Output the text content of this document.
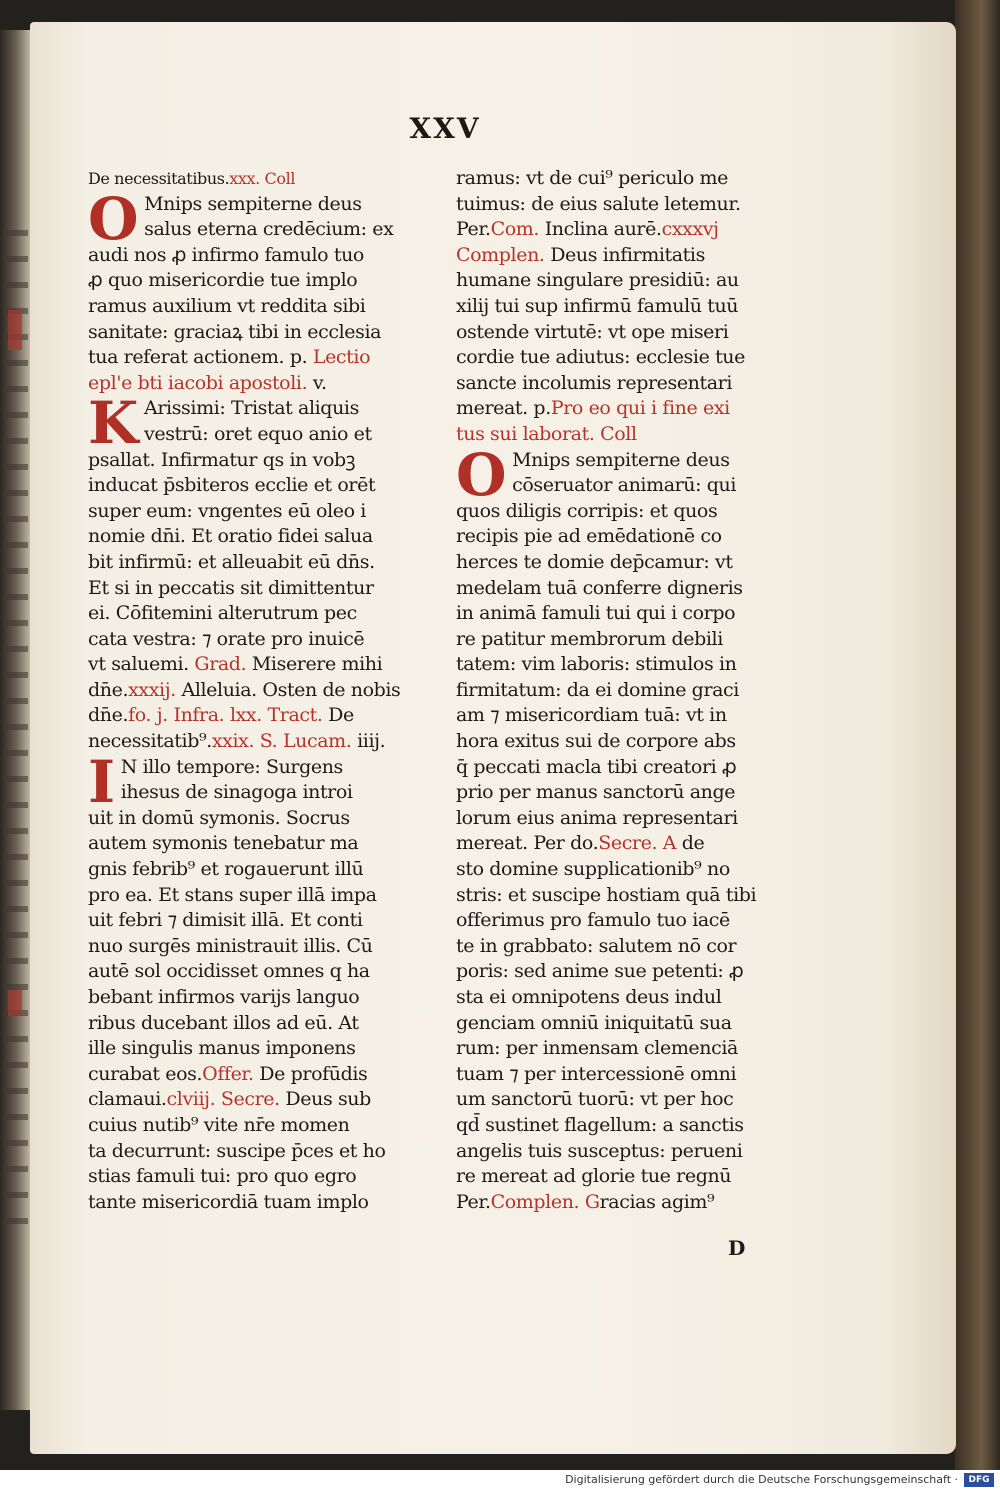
XXV
De necessitatibus.xxx. Coll
O Mnips sempiterne deus
salus eterna credēcium: ex
audi nos ꝓ infirmo famulo tuo
ꝓ quo misericordie tue implo
ramus auxilium vt reddita sibi
sanitate: graciaꝝ tibi in ecclesia
tua referat actionem. p. Lectio
epl'e bti iacobi apostoli. v.
K Arissimi: Tristat aliquis
vestrū: oret equo anio et
psallat. Infirmatur qs in vobꝫ
inducat p̄sbiteros ecclie et orēt
super eum: vngentes eū oleo i
nomie dn̄i. Et oratio fidei salua
bit infirmū: et alleuabit eū dn̄s.
Et si in peccatis sit dimittentur
ei. Cōfitemini alterutrum pec
cata vestra: ⁊ orate pro inuicē
vt saluemi. Grad. Miserere mihi
dn̄e.xxxij. Alleluia. Osten de nobis
dn̄e.fo. j. Infra. lxx. Tract. De
necessitatib⁹.xxix. S. Lucam. iiij.
I N illo tempore: Surgens
ihesus de sinagoga introi
uit in domū symonis. Socrus
autem symonis tenebatur ma
gnis febrib⁹ et rogauerunt illū
pro ea. Et stans super illā impa
uit febri ⁊ dimisit illā. Et conti
nuo surgēs ministrauit illis. Cū
autē sol occidisset omnes q ha
bebant infirmos varijs languo
ribus ducebant illos ad eū. At
ille singulis manus imponens
curabat eos.Offer. De profūdis
clamaui.clviij. Secre. Deus sub
cuius nutib⁹ vite nr̄e momen
ta decurrunt: suscipe p̄ces et ho
stias famuli tui: pro quo egro
tante misericordiā tuam implo
ramus: vt de cui⁹ periculo me
tuimus: de eius salute letemur.
Per.Com. Inclina aurē.cxxxvj
Complen. Deus infirmitatis
humane singulare presidiū: au
xilij tui sup infirmū famulū tuū
ostende virtutē: vt ope miseri
cordie tue adiutus: ecclesie tue
sancte incolumis representari
mereat. p.Pro eo qui i fine exi
tus sui laborat. Coll
O Mnips sempiterne deus
cōseruator animarū: qui
quos diligis corripis: et quos
recipis pie ad emēdationē co
herces te domie dep̄camur: vt
medelam tuā conferre digneris
in animā famuli tui qui i corpo
re patitur membrorum debili
tatem: vim laboris: stimulos in
firmitatum: da ei domine graci
am ⁊ misericordiam tuā: vt in
hora exitus sui de corpore abs
q̄ peccati macla tibi creatori ꝓ
prio per manus sanctorū ange
lorum eius anima representari
mereat. Per do.Secre. A de
sto domine supplicationib⁹ no
stris: et suscipe hostiam quā tibi
offerimus pro famulo tuo iacē
te in grabbato: salutem nō cor
poris: sed anime sue petenti: ꝓ
sta ei omnipotens deus indul
genciam omniū iniquitatū sua
rum: per inmensam clemenciā
tuam ⁊ per intercessionē omni
um sanctorū tuorū: vt per hoc
qd̄ sustinet flagellum: a sanctis
angelis tuis susceptus: perueni
re mereat ad glorie tue regnū
Per.Complen. Gracias agim⁹
D
Digitalisierung gefördert durch die Deutsche Forschungsgemeinschaft ·	DFG
